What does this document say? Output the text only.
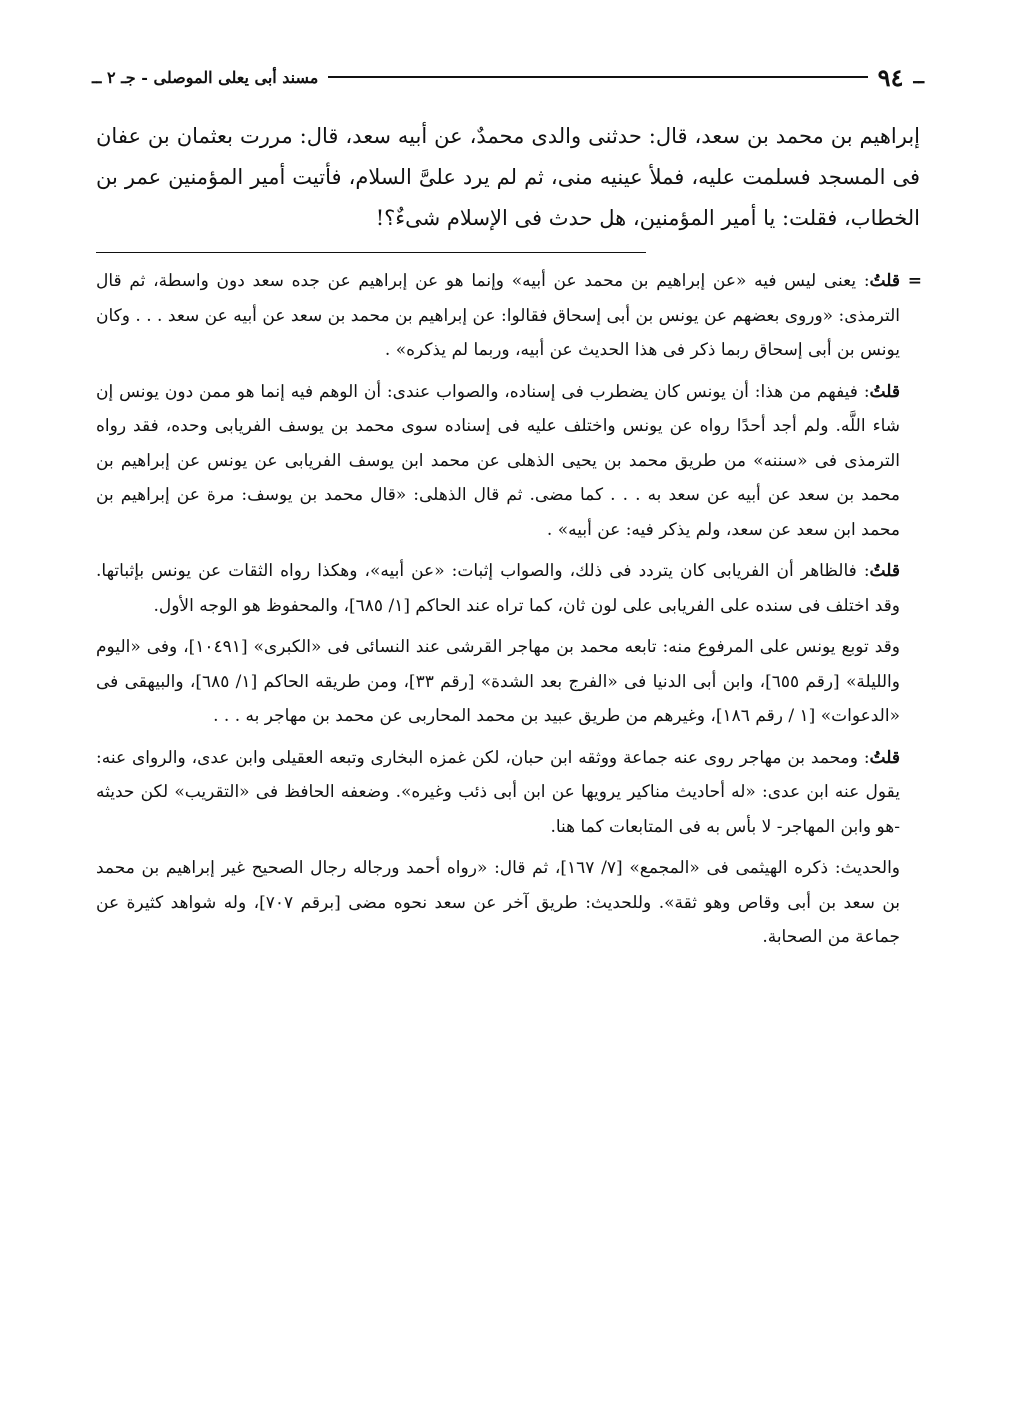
ــ
٩٤
مسند أبى يعلى الموصلى - جـ ٢ ــ
إبراهيم بن محمد بن سعد، قال: حدثنى والدى محمدٌ، عن أبيه سعد، قال: مررت بعثمان بن عفان فى المسجد فسلمت عليه، فملأ عينيه منى، ثم لم يرد علىَّ السلام، فأتيت أمير المؤمنين عمر بن الخطاب، فقلت: يا أمير المؤمنين، هل حدث فى الإسلام شىءٌ؟!

=
قلتُ: يعنى ليس فيه «عن إبراهيم بن محمد عن أبيه» وإنما هو عن إبراهيم عن جده سعد دون واسطة، ثم قال الترمذى: «وروى بعضهم عن يونس بن أبى إسحاق فقالوا: عن إبراهيم بن محمد بن سعد عن أبيه عن سعد . . . وكان يونس بن أبى إسحاق ربما ذكر فى هذا الحديث عن أبيه، وربما لم يذكره» .

قلتُ: فيفهم من هذا: أن يونس كان يضطرب فى إسناده، والصواب عندى: أن الوهم فيه إنما هو ممن دون يونس إن شاء اللَّه. ولم أجد أحدًا رواه عن يونس واختلف عليه فى إسناده سوى محمد بن يوسف الفريابى وحده، فقد رواه الترمذى فى «سننه» من طريق محمد بن يحيى الذهلى عن محمد ابن يوسف الفريابى عن يونس عن إبراهيم بن محمد بن سعد عن أبيه عن سعد به . . . كما مضى. ثم قال الذهلى: «قال محمد بن يوسف: مرة عن إبراهيم بن محمد ابن سعد عن سعد، ولم يذكر فيه: عن أبيه» .

قلتُ: فالظاهر أن الفريابى كان يتردد فى ذلك، والصواب إثبات: «عن أبيه»، وهكذا رواه الثقات عن يونس بإثباتها. وقد اختلف فى سنده على الفريابى على لون ثان، كما تراه عند الحاكم [١/ ٦٨٥]، والمحفوظ هو الوجه الأول.

وقد توبع يونس على المرفوع منه: تابعه محمد بن مهاجر القرشى عند النسائى فى «الكبرى» [١٠٤٩١]، وفى «اليوم والليلة» [رقم ٦٥٥]، وابن أبى الدنيا فى «الفرج بعد الشدة» [رقم ٣٣]، ومن طريقه الحاكم [١/ ٦٨٥]، والبيهقى فى «الدعوات» [١ / رقم ١٨٦]، وغيرهم من طريق عبيد بن محمد المحاربى عن محمد بن مهاجر به . . .

قلتُ: ومحمد بن مهاجر روى عنه جماعة ووثقه ابن حبان، لكن غمزه البخارى وتبعه العقيلى وابن عدى، والرواى عنه: يقول عنه ابن عدى: «له أحاديث مناكير يرويها عن ابن أبى ذئب وغيره». وضعفه الحافظ فى «التقريب» لكن حديثه -هو وابن المهاجر- لا بأس به فى المتابعات كما هنا.

والحديث: ذكره الهيثمى فى «المجمع» [٧/ ١٦٧]، ثم قال: «رواه أحمد ورجاله رجال الصحيح غير إبراهيم بن محمد بن سعد بن أبى وقاص وهو ثقة». وللحديث: طريق آخر عن سعد نحوه مضى [برقم ٧٠٧]، وله شواهد كثيرة عن جماعة من الصحابة.
